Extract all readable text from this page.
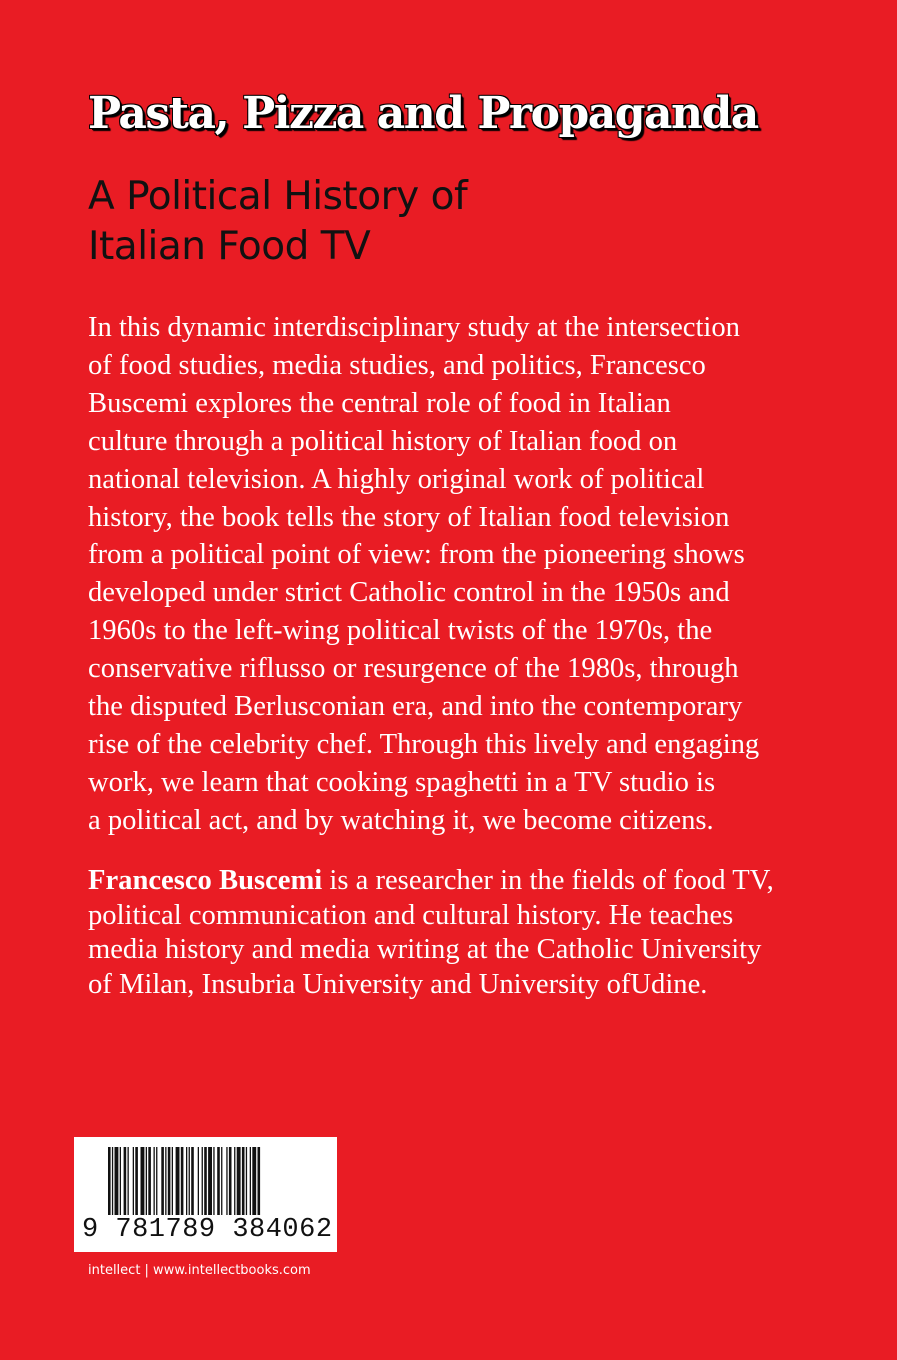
Pasta, Pizza and Propaganda
A Political History of
Italian Food TV
In this dynamic interdisciplinary study at the intersection
of food studies, media studies, and politics, Francesco
Buscemi explores the central role of food in Italian
culture through a political history of Italian food on
national television. A highly original work of political
history, the book tells the story of Italian food television
from a political point of view: from the pioneering shows
developed under strict Catholic control in the 1950s and
1960s to the left-wing political twists of the 1970s, the
conservative riflusso or resurgence of the 1980s, through
the disputed Berlusconian era, and into the contemporary
rise of the celebrity chef. Through this lively and engaging
work, we learn that cooking spaghetti in a TV studio is
a political act, and by watching it, we become citizens.
Francesco Buscemi is a researcher in the fields of food TV,
political communication and cultural history. He teaches
media history and media writing at the Catholic University
of Milan, Insubria University and University ofUdine.
9 781789 384062
intellect | www.intellectbooks.com
